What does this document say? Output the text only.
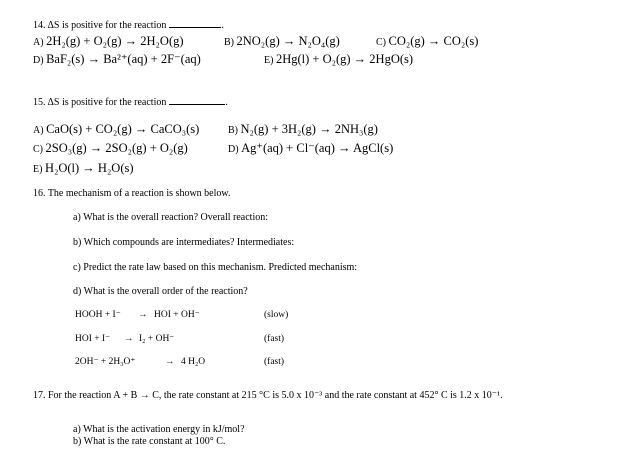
14. ΔS is positive for the reaction	.
A) 2H₂(g) + O₂(g) → 2H₂O(g)	B) 2NO₂(g) → N₂O₄(g)	C) CO₂(g) → CO₂(s)
D) BaF₂(s) → Ba²⁺(aq) + 2F⁻(aq)	E) 2Hg(l) + O₂(g) → 2HgO(s)
15. ΔS is positive for the reaction	.
A) CaO(s) + CO₂(g) → CaCO₃(s)	B) N₂(g) + 3H₂(g) → 2NH₃(g)
C) 2SO₃(g) → 2SO₂(g) + O₂(g)	D) Ag⁺(aq) + Cl⁻(aq) → AgCl(s)
E) H₂O(l) → H₂O(s)
16. The mechanism of a reaction is shown below.
a) What is the overall reaction? Overall reaction:
b) Which compounds are intermediates? Intermediates:
c) Predict the rate law based on this mechanism. Predicted mechanism:
d) What is the overall order of the reaction?
HOOH + I⁻ → HOI + OH⁻	(slow)
HOI + I⁻ → I₂ + OH⁻	(fast)
2OH⁻ + 2H₃O⁺	→ 4 H₂O	(fast)
17. For the reaction A + B → C, the rate constant at 215 °C is 5.0 x 10⁻³ and the rate constant at 452° C is 1.2 x 10⁻¹.
a) What is the activation energy in kJ/mol?
b) What is the rate constant at 100° C.
